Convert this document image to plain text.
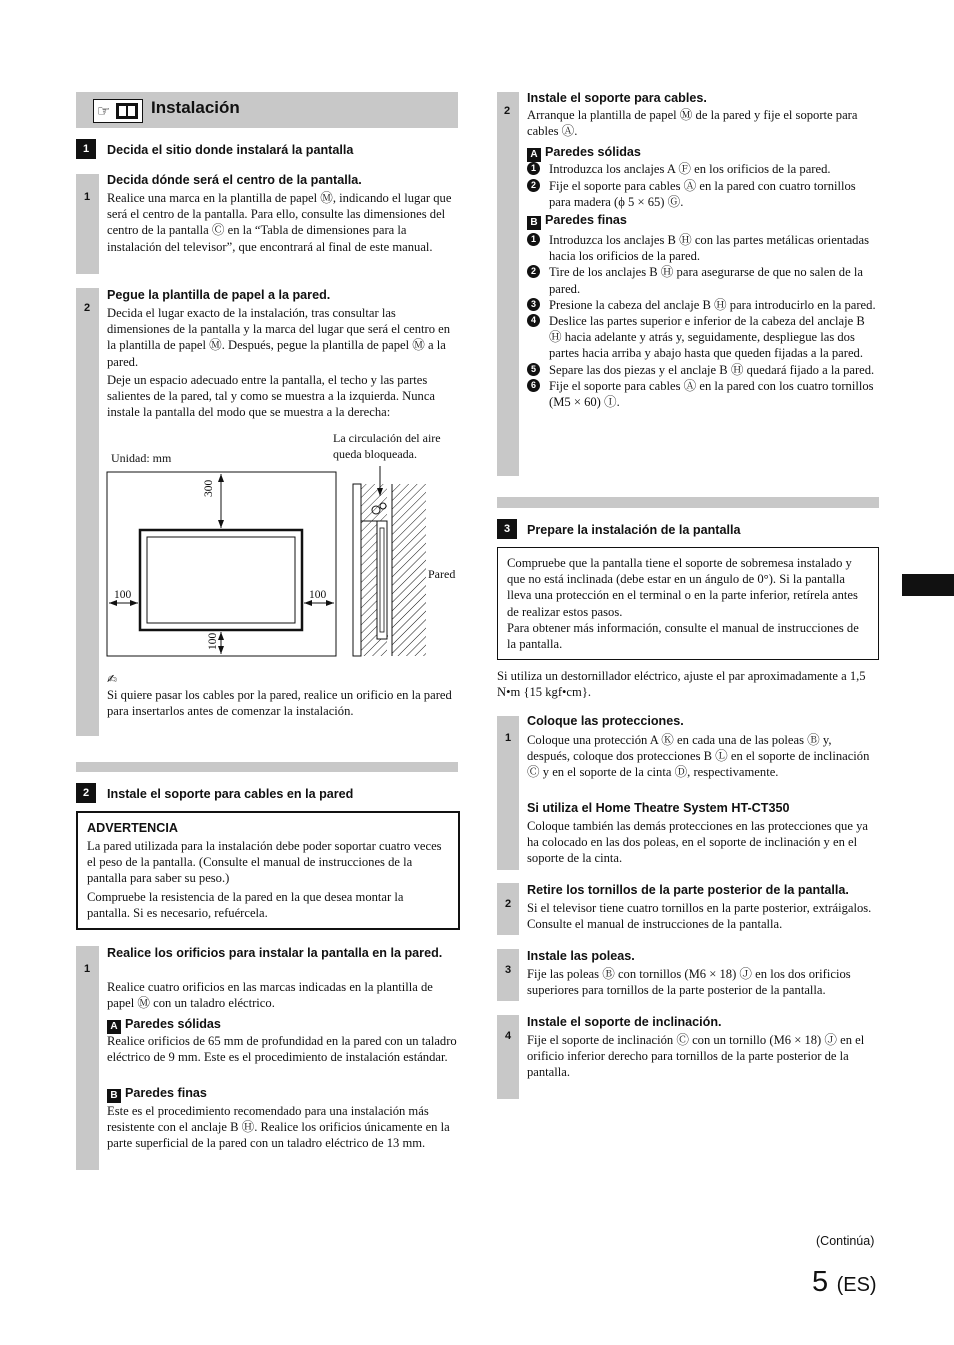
☞ Instalación
1	Decida el sitio donde instalará la pantalla
1
Decida dónde será el centro de la pantalla.
Realice una marca en la plantilla de papel Ⓜ, indicando el lugar que será el centro de la pantalla. Para ello, consulte las dimensiones del centro de la pantalla Ⓒ en la “Tabla de dimensiones para la instalación del televisor”, que encontrará al final de este manual.
2
Pegue la plantilla de papel a la pared.
Decida el lugar exacto de la instalación, tras consultar las dimensiones de la pantalla y la marca del lugar que será el centro en la plantilla de papel Ⓜ. Después, pegue la plantilla de papel Ⓜ a la pared.
Deje un espacio adecuado entre la pantalla, el techo y las partes salientes de la pared, tal y como se muestra a la izquierda. Nunca instale la pantalla del modo que se muestra a la derecha:
Unidad: mm
La circulación del aire queda bloqueada.
300
100	100
100
Pared
✍
Si quiere pasar los cables por la pared, realice un orificio en la pared para insertarlos antes de comenzar la instalación.
2	Instale el soporte para cables en la pared
ADVERTENCIA
La pared utilizada para la instalación debe poder soportar cuatro veces el peso de la pantalla. (Consulte el manual de instrucciones de la pantalla para saber su peso.)
Compruebe la resistencia de la pared en la que desea montar la pantalla. Si es necesario, refuércela.
1
Realice los orificios para instalar la pantalla en la pared.
Realice cuatro orificios en las marcas indicadas en la plantilla de papel Ⓜ con un taladro eléctrico.
A Paredes sólidas
Realice orificios de 65 mm de profundidad en la pared con un taladro eléctrico de 9 mm. Este es el procedimiento de instalación estándar.
B Paredes finas
Este es el procedimiento recomendado para una instalación más resistente con el anclaje B Ⓗ. Realice los orificios únicamente en la parte superficial de la pared con un taladro eléctrico de 13 mm.
2
Instale el soporte para cables.
Arranque la plantilla de papel Ⓜ de la pared y fije el soporte para cables Ⓐ.
A Paredes sólidas
1	Introduzca los anclajes A Ⓕ en los orificios de la pared.

2	Fije el soporte para cables Ⓐ en la pared con cuatro tornillos para madera (ϕ 5 × 65) Ⓖ.

B Paredes finas
1	Introduzca los anclajes B Ⓗ con las partes metálicas orientadas hacia los orificios de la pared.

2	Tire de los anclajes B Ⓗ para asegurarse de que no salen de la pared.

3	Presione la cabeza del anclaje B Ⓗ para introducirlo en la pared.

4	Deslice las partes superior e inferior de la cabeza del anclaje B Ⓗ hacia adelante y atrás y, seguidamente, despliegue las dos partes hacia arriba y abajo hasta que queden fijadas a la pared.

5	Separe las dos piezas y el anclaje B Ⓗ quedará fijado a la pared.

6	Fije el soporte para cables Ⓐ en la pared con los cuatro tornillos (M5 × 60) Ⓘ.

3	Prepare la instalación de la pantalla
Compruebe que la pantalla tiene el soporte de sobremesa instalado y que no está inclinada (debe estar en un ángulo de 0°). Si la pantalla lleva una protección en el terminal o en la parte inferior, retírela antes de realizar estos pasos.
Para obtener más información, consulte el manual de instrucciones de la pantalla.
Si utiliza un destornillador eléctrico, ajuste el par aproximadamente a 1,5 N•m {15 kgf•cm}.
1
Coloque las protecciones.
Coloque una protección A Ⓚ en cada una de las poleas Ⓑ y, después, coloque dos protecciones B Ⓛ en el soporte de inclinación Ⓒ y en el soporte de la cinta Ⓓ, respectivamente.
Si utiliza el Home Theatre System HT-CT350
Coloque también las demás protecciones en las protecciones que ya ha colocado en las dos poleas, en el soporte de inclinación y en el soporte de la cinta.
2
Retire los tornillos de la parte posterior de la pantalla.
Si el televisor tiene cuatro tornillos en la parte posterior, extráigalos. Consulte el manual de instrucciones de la pantalla.
3
Instale las poleas.
Fije las poleas Ⓑ con tornillos (M6 × 18) Ⓙ en los dos orificios superiores para tornillos de la parte posterior de la pantalla.
4
Instale el soporte de inclinación.
Fije el soporte de inclinación Ⓒ con un tornillo (M6 × 18) Ⓙ en el orificio inferior derecho para tornillos de la parte posterior de la pantalla.
(Continúa)
5 (ES)
